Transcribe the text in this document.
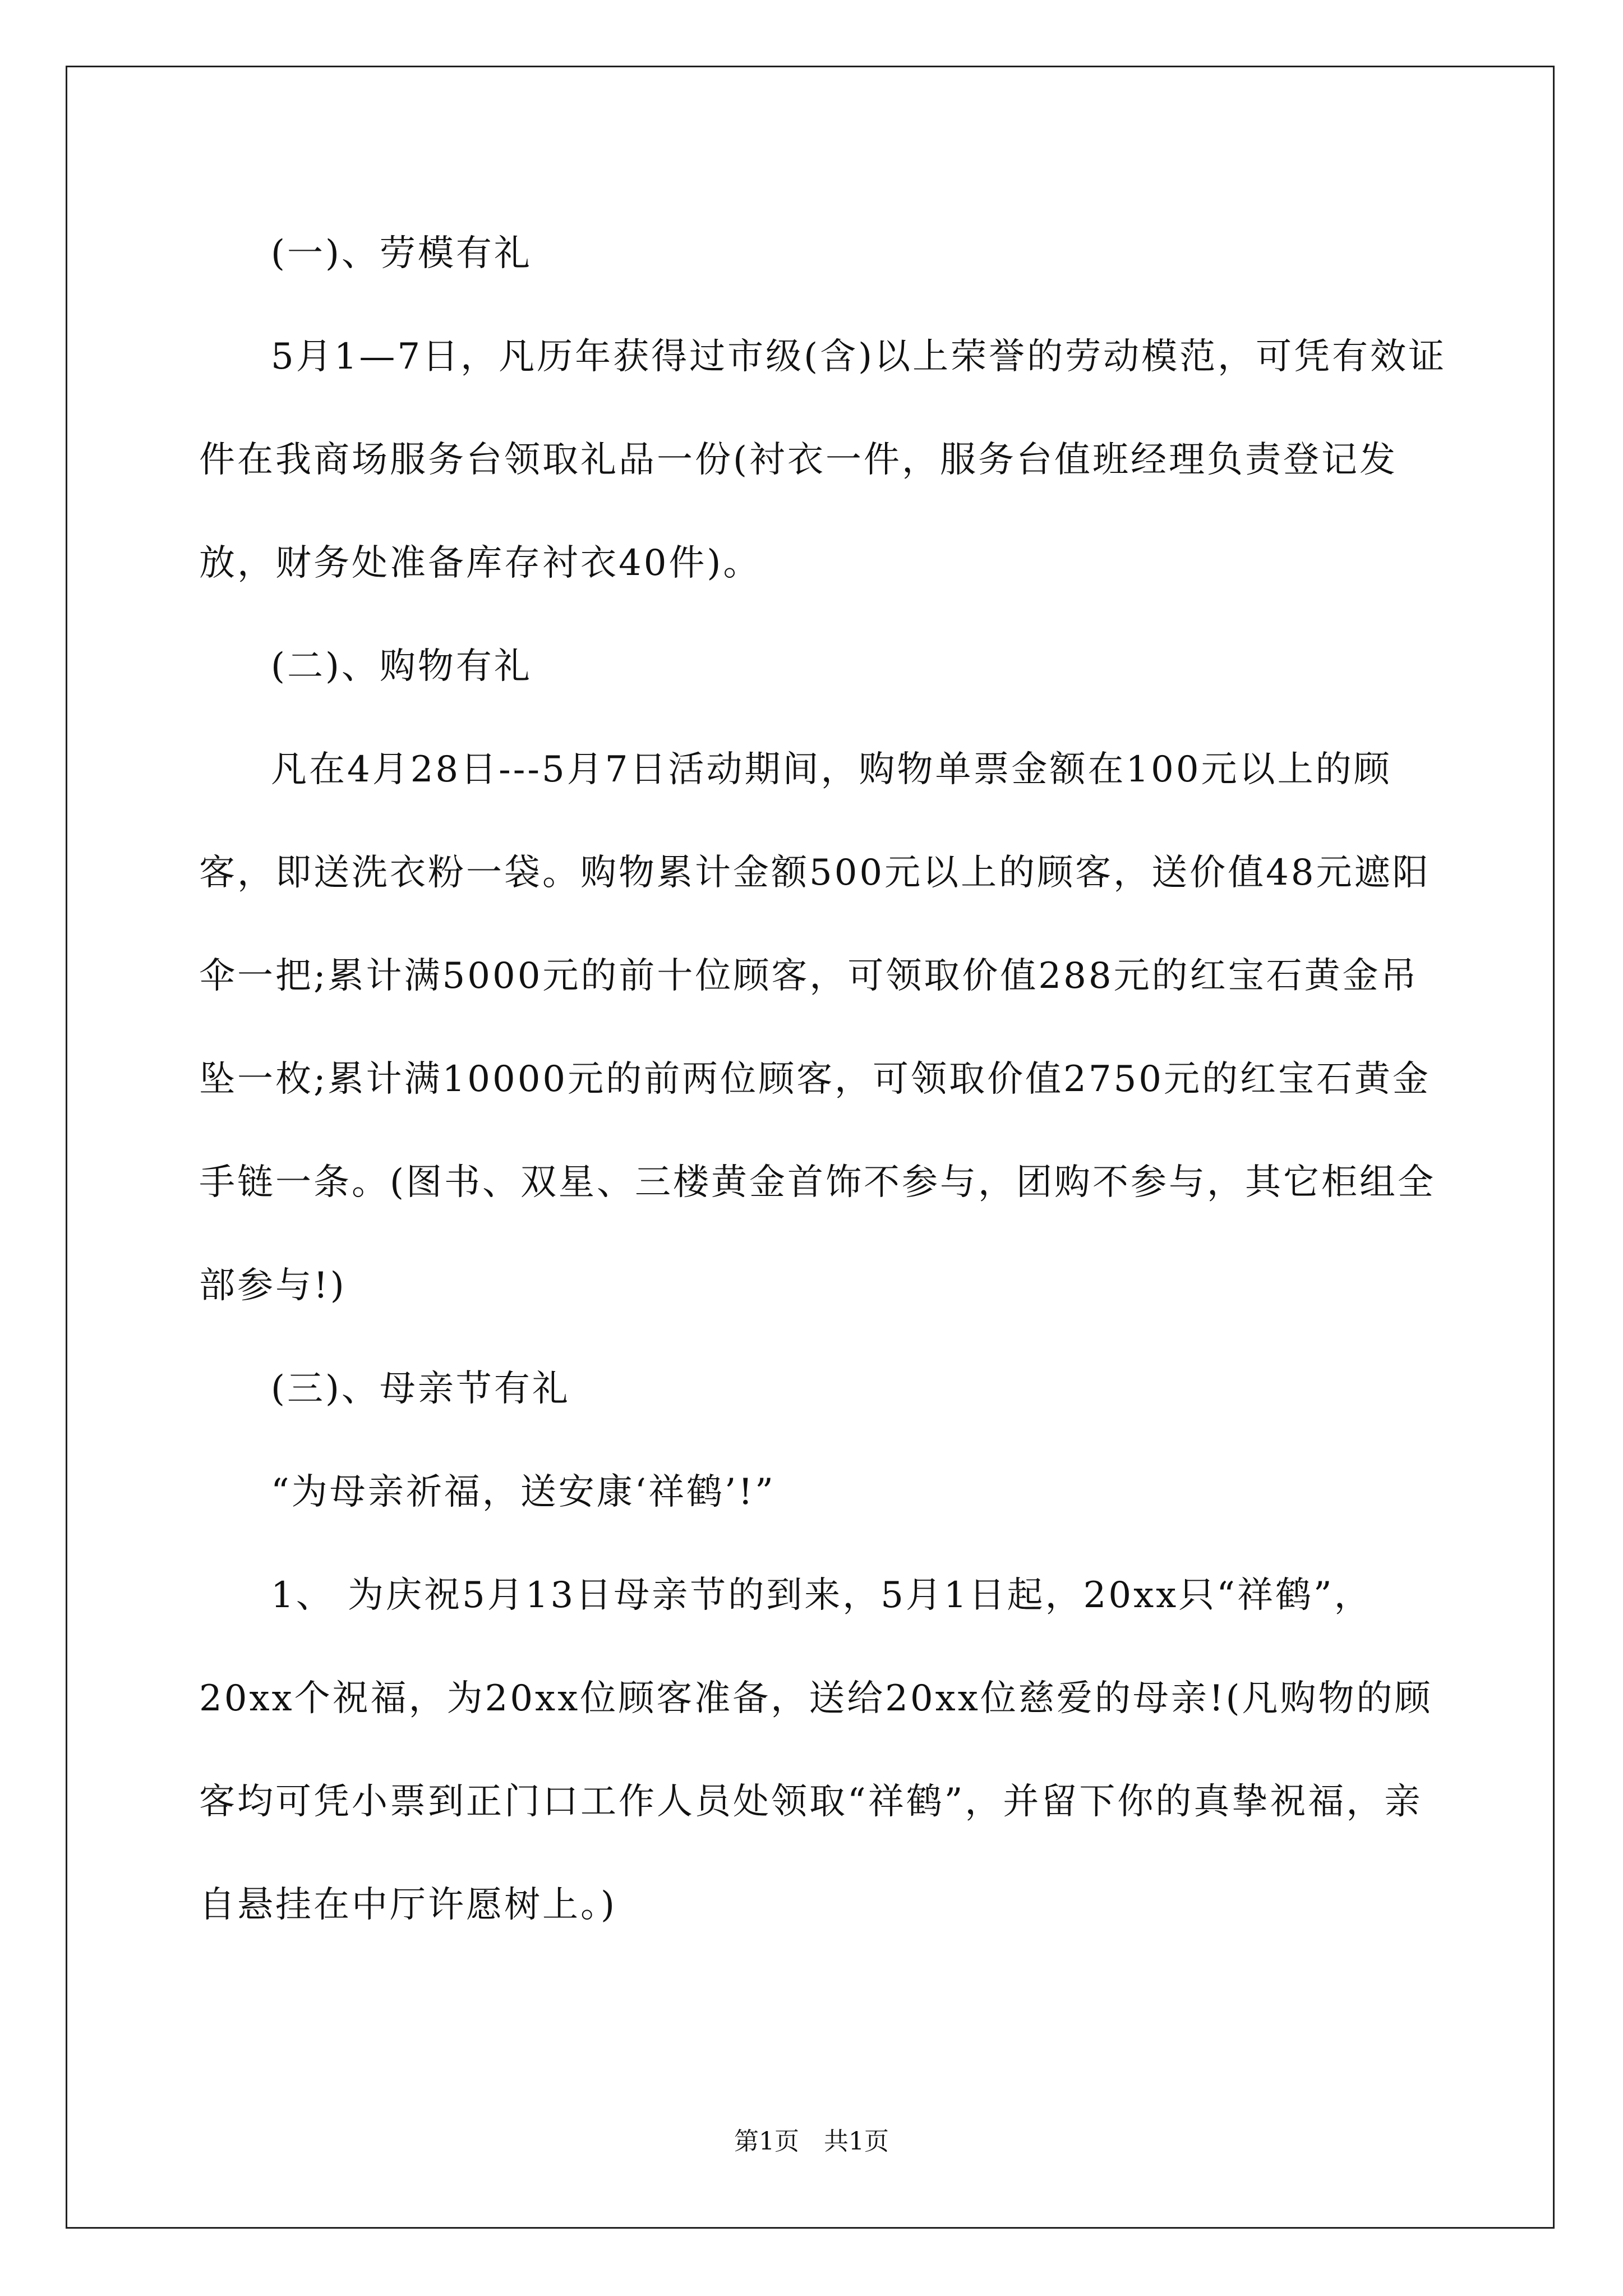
(一)、劳模有礼

5月1—7日，凡历年获得过市级(含)以上荣誉的劳动模范，可凭有效证件在我商场服务台领取礼品一份(衬衣一件，服务台值班经理负责登记发放，财务处准备库存衬衣40件)。

(二)、购物有礼

凡在4月28日---5月7日活动期间，购物单票金额在100元以上的顾客，即送洗衣粉一袋。购物累计金额500元以上的顾客，送价值48元遮阳伞一把;累计满5000元的前十位顾客，可领取价值288元的红宝石黄金吊坠一枚;累计满10000元的前两位顾客，可领取价值2750元的红宝石黄金手链一条。(图书、双星、三楼黄金首饰不参与，团购不参与，其它柜组全部参与!)

(三)、母亲节有礼

“为母亲祈福，送安康‘祥鹤’!”

1、 为庆祝5月13日母亲节的到来，5月1日起，20xx只“祥鹤”，20xx个祝福，为20xx位顾客准备，送给20xx位慈爱的母亲!(凡购物的顾客均可凭小票到正门口工作人员处领取“祥鹤”，并留下你的真挚祝福，亲自悬挂在中厅许愿树上。)

第1页 共1页
